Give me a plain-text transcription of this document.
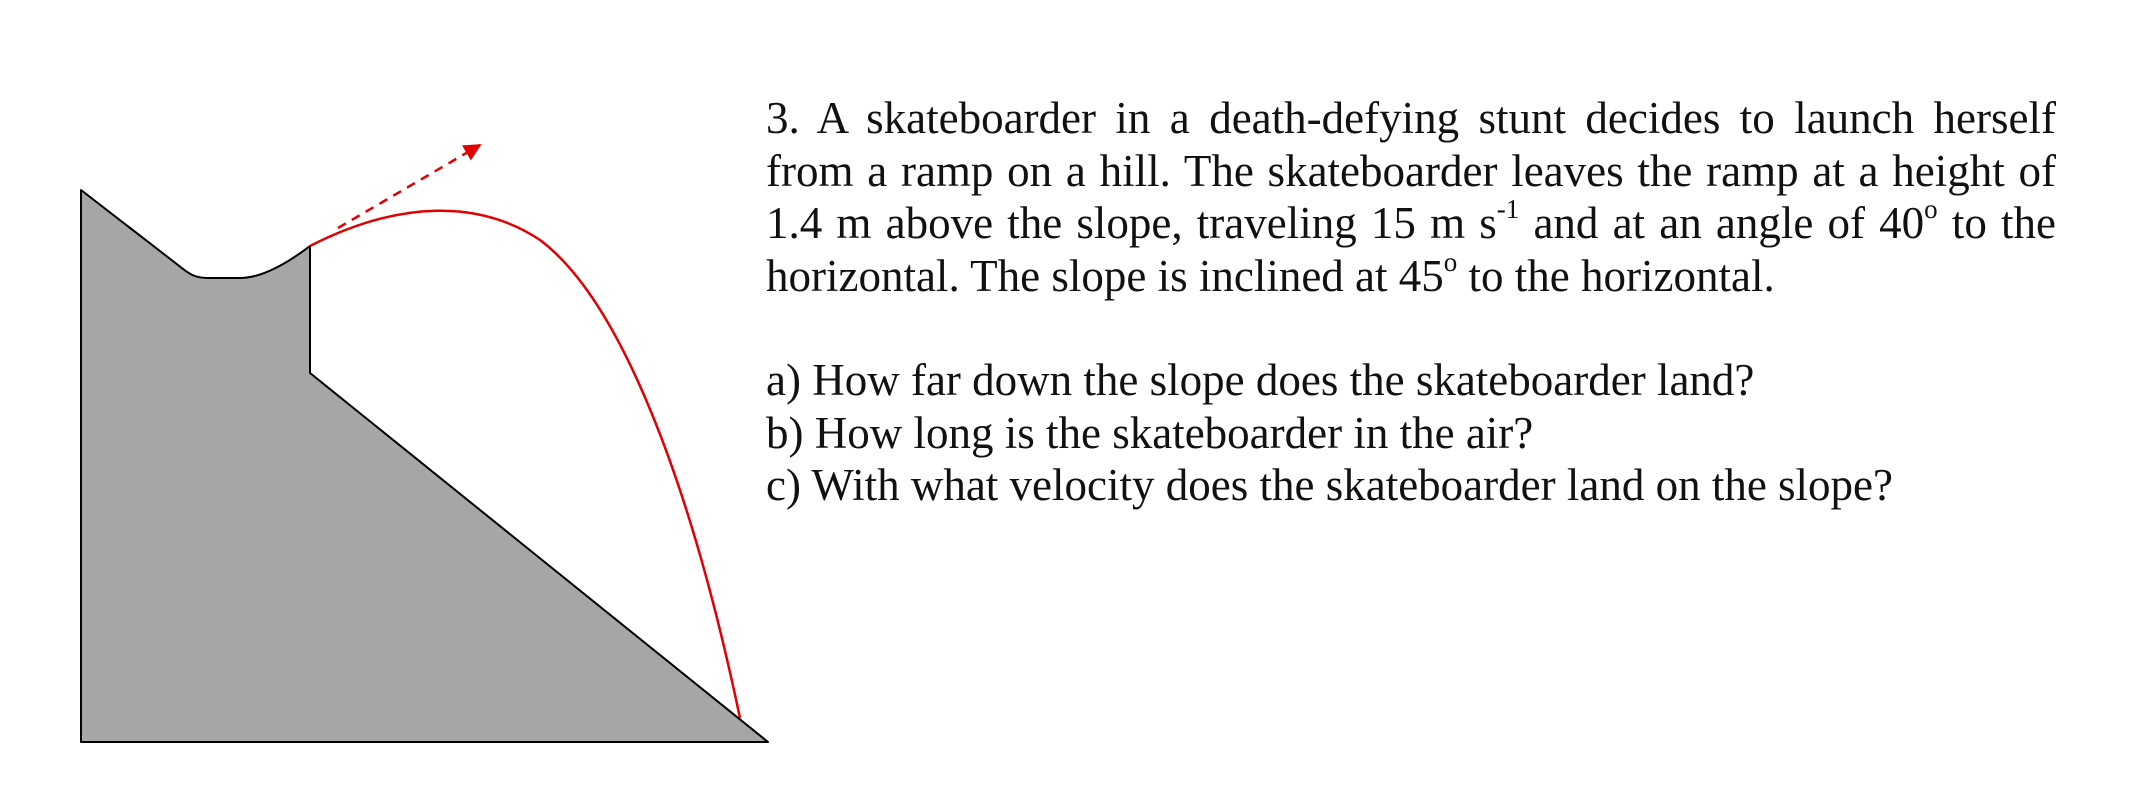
3. A skateboarder in a death-defying stunt decides to launch herself from a ramp on a hill. The skateboarder leaves the ramp at a height of 1.4 m above the slope, traveling 15 m $s^{-1}$ and at an angle of 40$^o$ to the horizontal. The slope is inclined at 45$^o$ to the horizontal.

a) How far down the slope does the skateboarder land?

b) How long is the skateboarder in the air?

c) With what velocity does the skateboarder land on the slope?
